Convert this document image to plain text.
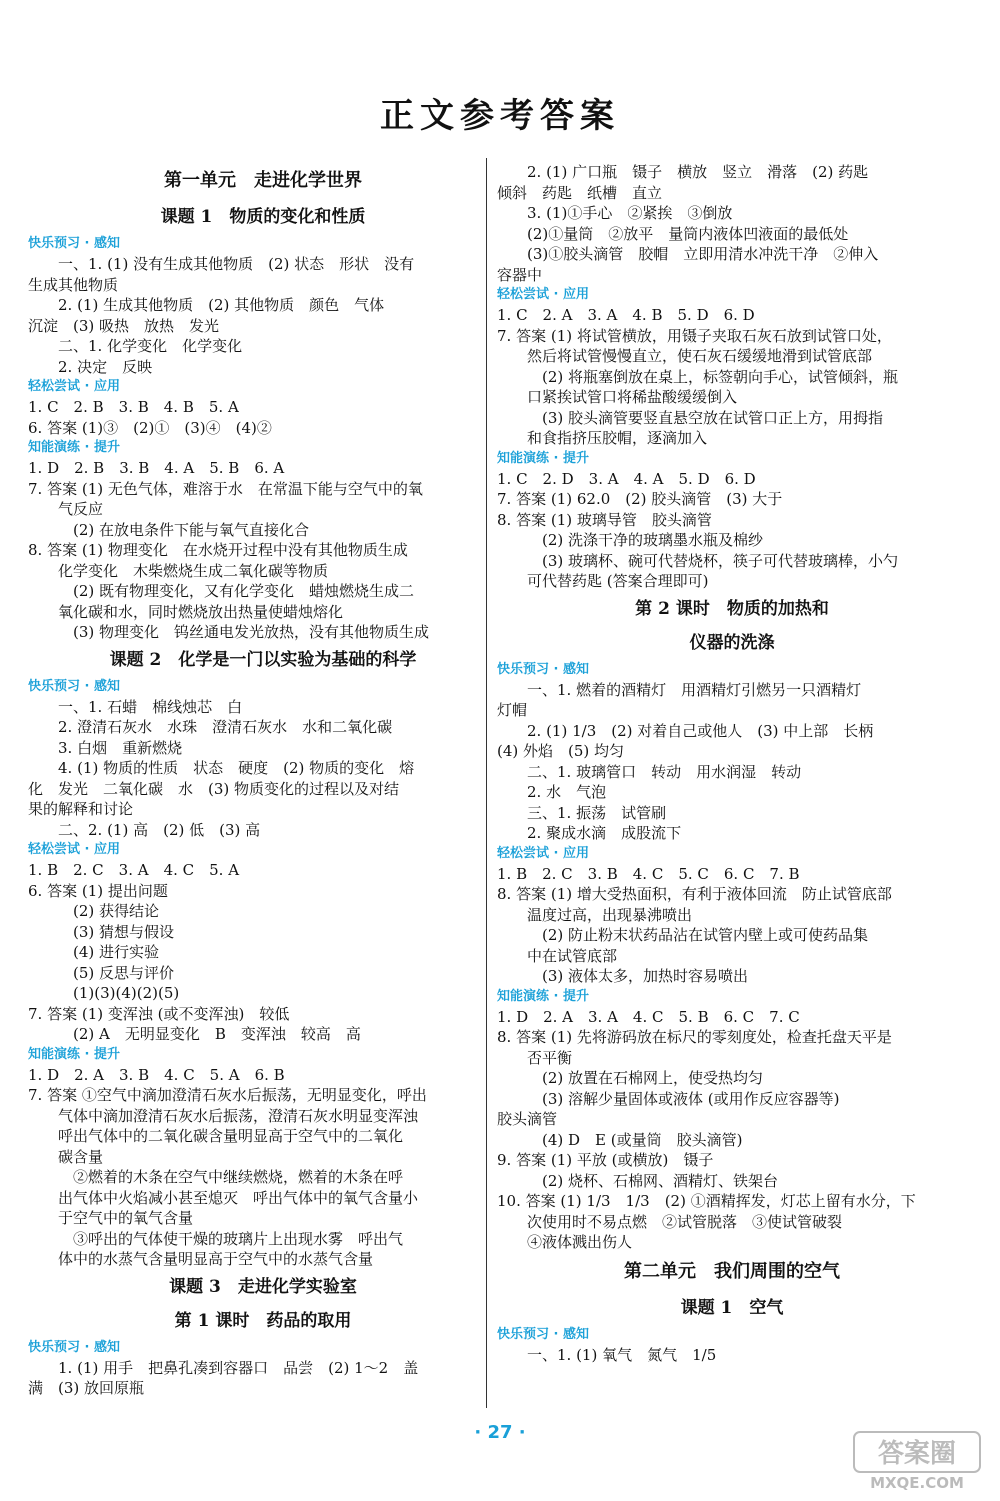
正文参考答案
第一单元　走进化学世界
课题 1　物质的变化和性质
快乐预习 · 感知
一、1. (1) 没有生成其他物质　(2) 状态　形状　没有
生成其他物质
2. (1) 生成其他物质　(2) 其他物质　颜色　气体
沉淀　(3) 吸热　放热　发光
二、1. 化学变化　化学变化
2. 决定　反映
轻松尝试 · 应用
1. C　2. B　3. B　4. B　5. A
6. 答案 (1)③　(2)①　(3)④　(4)②
知能演练 · 提升
1. D　2. B　3. B　4. A　5. B　6. A
7. 答案 (1) 无色气体，难溶于水　在常温下能与空气中的氧
气反应
(2) 在放电条件下能与氧气直接化合
8. 答案 (1) 物理变化　在水烧开过程中没有其他物质生成
化学变化　木柴燃烧生成二氧化碳等物质
(2) 既有物理变化，又有化学变化　蜡烛燃烧生成二
氧化碳和水，同时燃烧放出热量使蜡烛熔化
(3) 物理变化　钨丝通电发光放热，没有其他物质生成
课题 2　化学是一门以实验为基础的科学
快乐预习 · 感知
一、1. 石蜡　棉线烛芯　白
2. 澄清石灰水　水珠　澄清石灰水　水和二氧化碳
3. 白烟　重新燃烧
4. (1) 物质的性质　状态　硬度　(2) 物质的变化　熔
化　发光　二氧化碳　水　(3) 物质变化的过程以及对结
果的解释和讨论
二、2. (1) 高　(2) 低　(3) 高
轻松尝试 · 应用
1. B　2. C　3. A　4. C　5. A
6. 答案 (1) 提出问题
(2) 获得结论
(3) 猜想与假设
(4) 进行实验
(5) 反思与评价
(1)(3)(4)(2)(5)
7. 答案 (1) 变浑浊 (或不变浑浊)　较低
(2) A　无明显变化　B　变浑浊　较高　高
知能演练 · 提升
1. D　2. A　3. B　4. C　5. A　6. B
7. 答案 ①空气中滴加澄清石灰水后振荡，无明显变化，呼出
气体中滴加澄清石灰水后振荡，澄清石灰水明显变浑浊
呼出气体中的二氧化碳含量明显高于空气中的二氧化
碳含量
②燃着的木条在空气中继续燃烧，燃着的木条在呼
出气体中火焰减小甚至熄灭　呼出气体中的氧气含量小
于空气中的氧气含量
③呼出的气体使干燥的玻璃片上出现水雾　呼出气
体中的水蒸气含量明显高于空气中的水蒸气含量
课题 3　走进化学实验室
第 1 课时　药品的取用
快乐预习 · 感知
1. (1) 用手　把鼻孔凑到容器口　品尝　(2) 1～2　盖
满　(3) 放回原瓶
2. (1) 广口瓶　镊子　横放　竖立　滑落　(2) 药匙
倾斜　药匙　纸槽　直立
3. (1)①手心　②紧挨　③倒放
(2)①量筒　②放平　量筒内液体凹液面的最低处
(3)①胶头滴管　胶帽　立即用清水冲洗干净　②伸入
容器中
轻松尝试 · 应用
1. C　2. A　3. A　4. B　5. D　6. D
7. 答案 (1) 将试管横放，用镊子夹取石灰石放到试管口处，
然后将试管慢慢直立，使石灰石缓缓地滑到试管底部
(2) 将瓶塞倒放在桌上，标签朝向手心，试管倾斜，瓶
口紧挨试管口将稀盐酸缓缓倒入
(3) 胶头滴管要竖直悬空放在试管口正上方，用拇指
和食指挤压胶帽，逐滴加入
知能演练 · 提升
1. C　2. D　3. A　4. A　5. D　6. D
7. 答案 (1) 62.0　(2) 胶头滴管　(3) 大于
8. 答案 (1) 玻璃导管　胶头滴管
(2) 洗涤干净的玻璃墨水瓶及棉纱
(3) 玻璃杯、碗可代替烧杯，筷子可代替玻璃棒，小勺
可代替药匙 (答案合理即可)
第 2 课时　物质的加热和
仪器的洗涤
快乐预习 · 感知
一、1. 燃着的酒精灯　用酒精灯引燃另一只酒精灯
灯帽
2. (1) 1/3　(2) 对着自己或他人　(3) 中上部　长柄
(4) 外焰　(5) 均匀
二、1. 玻璃管口　转动　用水润湿　转动
2. 水　气泡
三、1. 振荡　试管刷
2. 聚成水滴　成股流下
轻松尝试 · 应用
1. B　2. C　3. B　4. C　5. C　6. C　7. B
8. 答案 (1) 增大受热面积，有利于液体回流　防止试管底部
温度过高，出现暴沸喷出
(2) 防止粉末状药品沾在试管内壁上或可使药品集
中在试管底部
(3) 液体太多，加热时容易喷出
知能演练 · 提升
1. D　2. A　3. A　4. C　5. B　6. C　7. C
8. 答案 (1) 先将游码放在标尺的零刻度处，检查托盘天平是
否平衡
(2) 放置在石棉网上，使受热均匀
(3) 溶解少量固体或液体 (或用作反应容器等)
胶头滴管
(4) D　E (或量筒　胶头滴管)
9. 答案 (1) 平放 (或横放)　镊子
(2) 烧杯、石棉网、酒精灯、铁架台
10. 答案 (1) 1/3　1/3　(2) ①酒精挥发，灯芯上留有水分，下
次使用时不易点燃　②试管脱落　③使试管破裂
④液体溅出伤人
第二单元　我们周围的空气
课题 1　空气
快乐预习 · 感知
一、1. (1) 氧气　氮气　1/5
· 27 ·
答案圈
MXQE.COM
